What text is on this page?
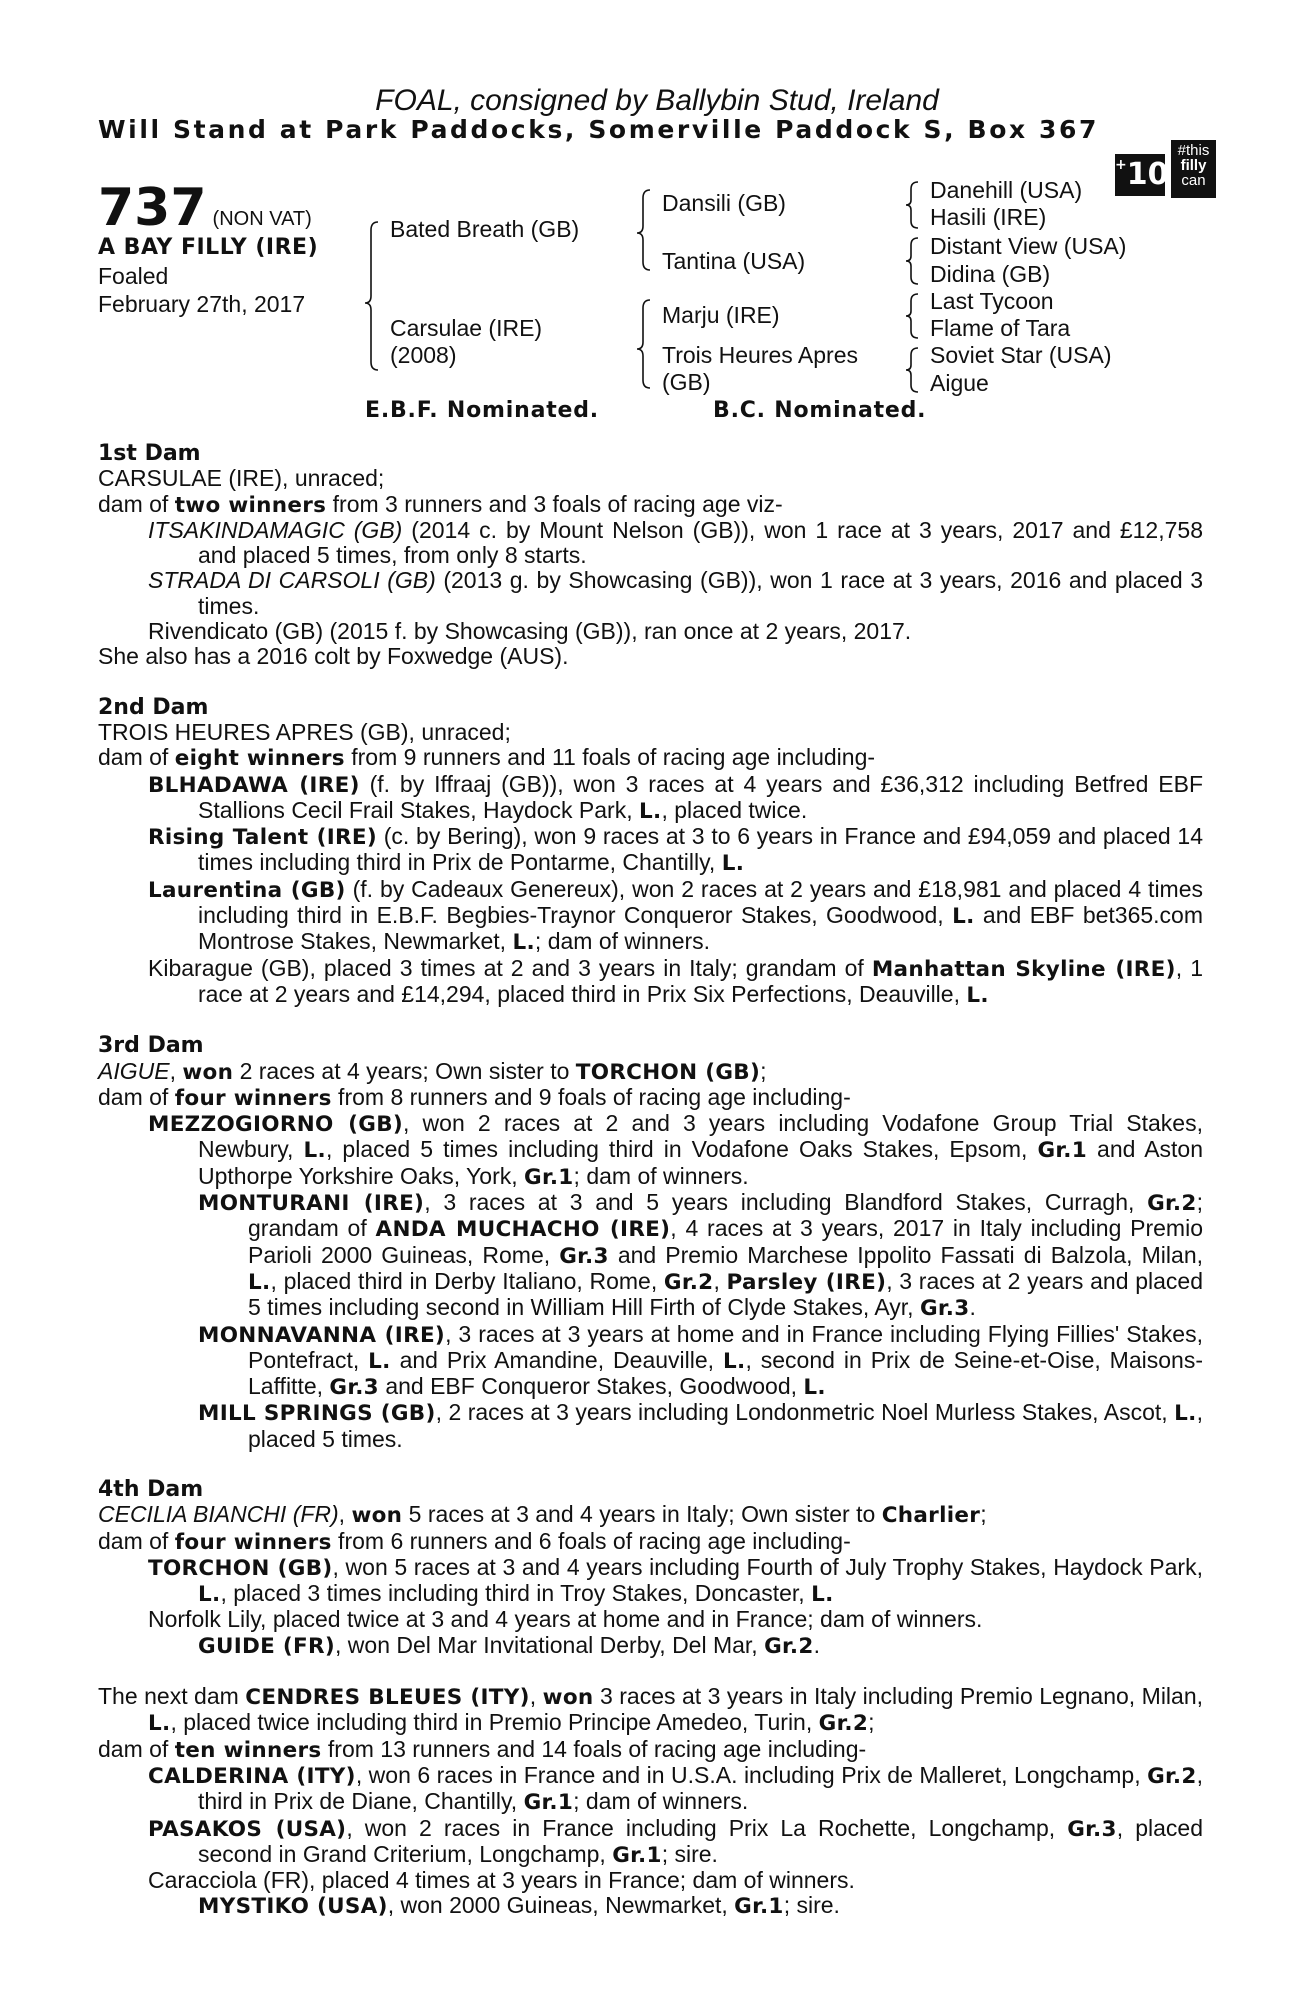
FOAL, consigned by Ballybin Stud, Ireland
Will Stand at Park Paddocks, Somerville Paddock S, Box 367
+10
#this
filly
can
737 (NON VAT)
A BAY FILLY (IRE)
Foaled
February 27th, 2017
Bated Breath (GB)
Carsulae (IRE)
(2008)
Dansili (GB)
Tantina (USA)
Marju (IRE)
Trois Heures Apres
(GB)
Danehill (USA)
Hasili (IRE)
Distant View (USA)
Didina (GB)
Last Tycoon
Flame of Tara
Soviet Star (USA)
Aigue
E.B.F. Nominated.	B.C. Nominated.
1st Dam
CARSULAE (IRE), unraced;
dam of two winners from 3 runners and 3 foals of racing age viz-
ITSAKINDAMAGIC (GB) (2014 c. by Mount Nelson (GB)), won 1 race at 3 years, 2017 and £12,758 and placed 5 times, from only 8 starts.
STRADA DI CARSOLI (GB) (2013 g. by Showcasing (GB)), won 1 race at 3 years, 2016 and placed 3 times.
Rivendicato (GB) (2015 f. by Showcasing (GB)), ran once at 2 years, 2017.
She also has a 2016 colt by Foxwedge (AUS).
2nd Dam
TROIS HEURES APRES (GB), unraced;
dam of eight winners from 9 runners and 11 foals of racing age including-
BLHADAWA (IRE) (f. by Iffraaj (GB)), won 3 races at 4 years and £36,312 including Betfred EBF Stallions Cecil Frail Stakes, Haydock Park, L., placed twice.
Rising Talent (IRE) (c. by Bering), won 9 races at 3 to 6 years in France and £94,059 and placed 14 times including third in Prix de Pontarme, Chantilly, L.
Laurentina (GB) (f. by Cadeaux Genereux), won 2 races at 2 years and £18,981 and placed 4 times including third in E.B.F. Begbies-Traynor Conqueror Stakes, Goodwood, L. and EBF bet365.com Montrose Stakes, Newmarket, L.; dam of winners.
Kibarague (GB), placed 3 times at 2 and 3 years in Italy; grandam of Manhattan Skyline (IRE), 1 race at 2 years and £14,294, placed third in Prix Six Perfections, Deauville, L.
3rd Dam
AIGUE, won 2 races at 4 years; Own sister to TORCHON (GB);
dam of four winners from 8 runners and 9 foals of racing age including-
MEZZOGIORNO (GB), won 2 races at 2 and 3 years including Vodafone Group Trial Stakes, Newbury, L., placed 5 times including third in Vodafone Oaks Stakes, Epsom, Gr.1 and Aston Upthorpe Yorkshire Oaks, York, Gr.1; dam of winners.
MONTURANI (IRE), 3 races at 3 and 5 years including Blandford Stakes, Curragh, Gr.2; grandam of ANDA MUCHACHO (IRE), 4 races at 3 years, 2017 in Italy including Premio Parioli 2000 Guineas, Rome, Gr.3 and Premio Marchese Ippolito Fassati di Balzola, Milan, L., placed third in Derby Italiano, Rome, Gr.2, Parsley (IRE), 3 races at 2 years and placed 5 times including second in William Hill Firth of Clyde Stakes, Ayr, Gr.3.
MONNAVANNA (IRE), 3 races at 3 years at home and in France including Flying Fillies' Stakes, Pontefract, L. and Prix Amandine, Deauville, L., second in Prix de Seine-et-Oise, Maisons-Laffitte, Gr.3 and EBF Conqueror Stakes, Goodwood, L.
MILL SPRINGS (GB), 2 races at 3 years including Londonmetric Noel Murless Stakes, Ascot, L., placed 5 times.
4th Dam
CECILIA BIANCHI (FR), won 5 races at 3 and 4 years in Italy; Own sister to Charlier;
dam of four winners from 6 runners and 6 foals of racing age including-
TORCHON (GB), won 5 races at 3 and 4 years including Fourth of July Trophy Stakes, Haydock Park, L., placed 3 times including third in Troy Stakes, Doncaster, L.
Norfolk Lily, placed twice at 3 and 4 years at home and in France; dam of winners.
GUIDE (FR), won Del Mar Invitational Derby, Del Mar, Gr.2.
The next dam CENDRES BLEUES (ITY), won 3 races at 3 years in Italy including Premio Legnano, Milan, L., placed twice including third in Premio Principe Amedeo, Turin, Gr.2;
dam of ten winners from 13 runners and 14 foals of racing age including-
CALDERINA (ITY), won 6 races in France and in U.S.A. including Prix de Malleret, Longchamp, Gr.2, third in Prix de Diane, Chantilly, Gr.1; dam of winners.
PASAKOS (USA), won 2 races in France including Prix La Rochette, Longchamp, Gr.3, placed second in Grand Criterium, Longchamp, Gr.1; sire.
Caracciola (FR), placed 4 times at 3 years in France; dam of winners.
MYSTIKO (USA), won 2000 Guineas, Newmarket, Gr.1; sire.
